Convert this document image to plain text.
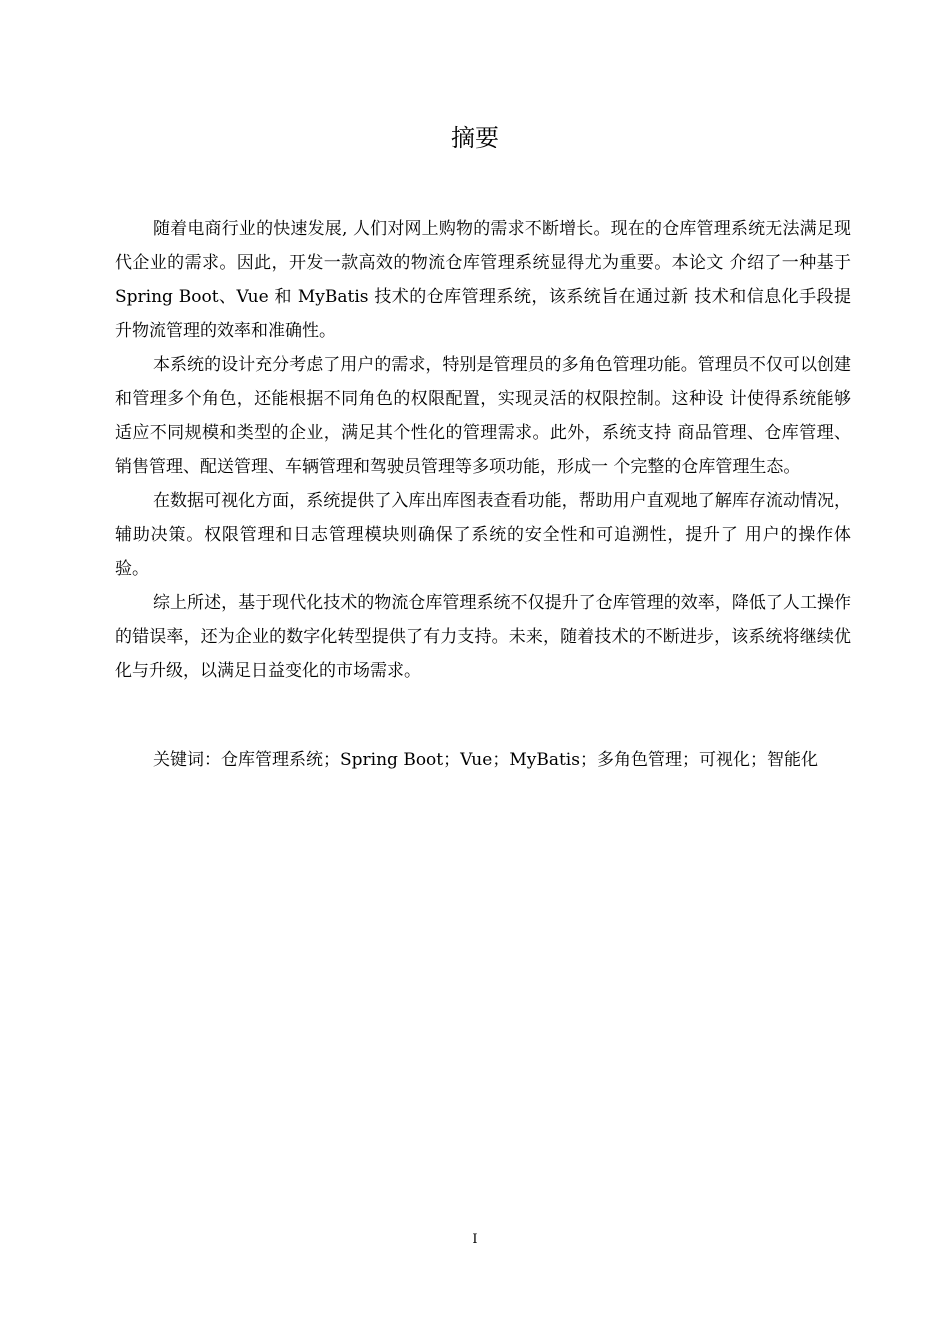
摘要

随着电商行业的快速发展, 人们对网上购物的需求不断增长。现在的仓库管理系统无法满足现代企业的需求。因此，开发一款高效的物流仓库管理系统显得尤为重要。本论文 介绍了一种基于 Spring Boot、Vue 和 MyBatis 技术的仓库管理系统，该系统旨在通过新 技术和信息化手段提升物流管理的效率和准确性。

本系统的设计充分考虑了用户的需求，特别是管理员的多角色管理功能。管理员不仅可以创建和管理多个角色，还能根据不同角色的权限配置，实现灵活的权限控制。这种设 计使得系统能够适应不同规模和类型的企业，满足其个性化的管理需求。此外，系统支持 商品管理、仓库管理、销售管理、配送管理、车辆管理和驾驶员管理等多项功能，形成一 个完整的仓库管理生态。

在数据可视化方面，系统提供了入库出库图表查看功能，帮助用户直观地了解库存流动情况，辅助决策。权限管理和日志管理模块则确保了系统的安全性和可追溯性，提升了 用户的操作体验。

综上所述，基于现代化技术的物流仓库管理系统不仅提升了仓库管理的效率，降低了人工操作的错误率，还为企业的数字化转型提供了有力支持。未来，随着技术的不断进步，该系统将继续优化与升级，以满足日益变化的市场需求。

关键词：仓库管理系统；Spring Boot；Vue；MyBatis；多角色管理；可视化；智能化

I
